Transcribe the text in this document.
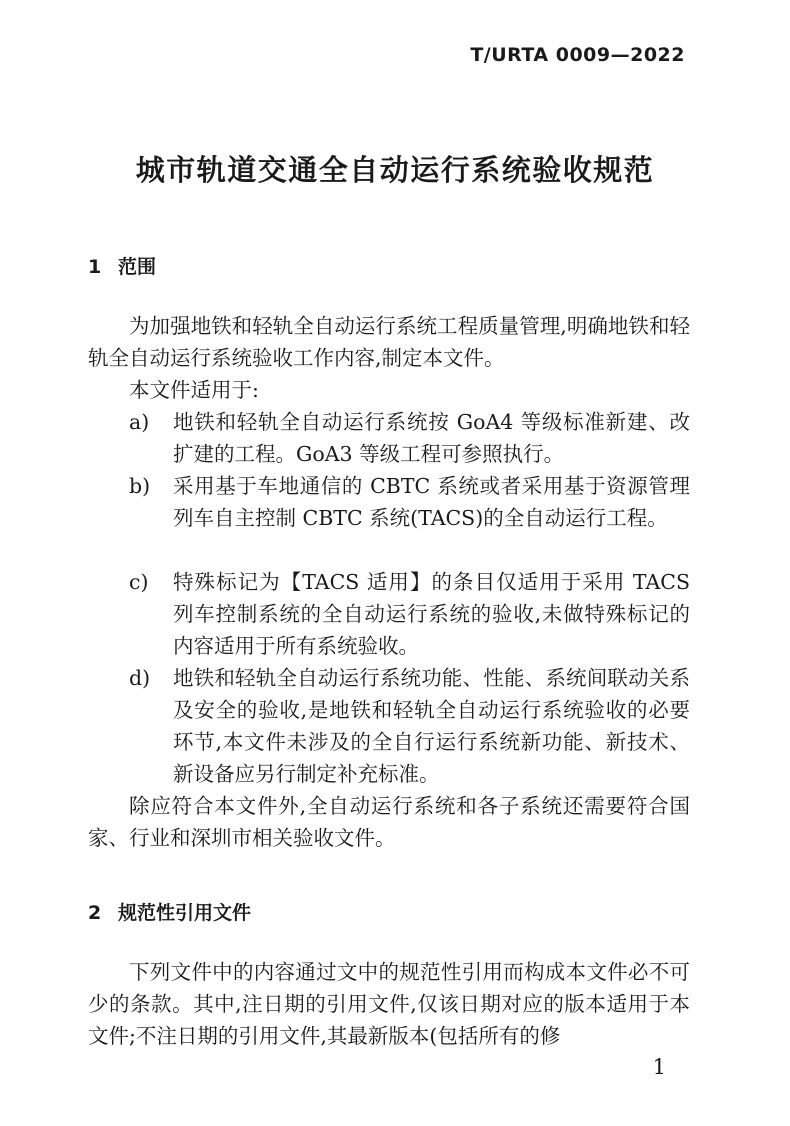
T/URTA 0009—2022
城市轨道交通全自动运行系统验收规范
1 范围

为加强地铁和轻轨全自动运行系统工程质量管理,明确地铁和轻轨全自动运行系统验收工作内容,制定本文件。

本文件适用于:

a)	地铁和轻轨全自动运行系统按 GoA4 等级标准新建、改扩建的工程。GoA3 等级工程可参照执行。
b)	采用基于车地通信的 CBTC 系统或者采用基于资源管理列车自主控制 CBTC 系统(TACS)的全自动运行工程。
c)	特殊标记为【TACS 适用】的条目仅适用于采用 TACS 列车控制系统的全自动运行系统的验收,未做特殊标记的内容适用于所有系统验收。
d)	地铁和轻轨全自动运行系统功能、性能、系统间联动关系及安全的验收,是地铁和轻轨全自动运行系统验收的必要环节,本文件未涉及的全自行运行系统新功能、新技术、新设备应另行制定补充标准。

除应符合本文件外,全自动运行系统和各子系统还需要符合国家、行业和深圳市相关验收文件。

2 规范性引用文件

下列文件中的内容通过文中的规范性引用而构成本文件必不可少的条款。其中,注日期的引用文件,仅该日期对应的版本适用于本文件;不注日期的引用文件,其最新版本(包括所有的修

1
